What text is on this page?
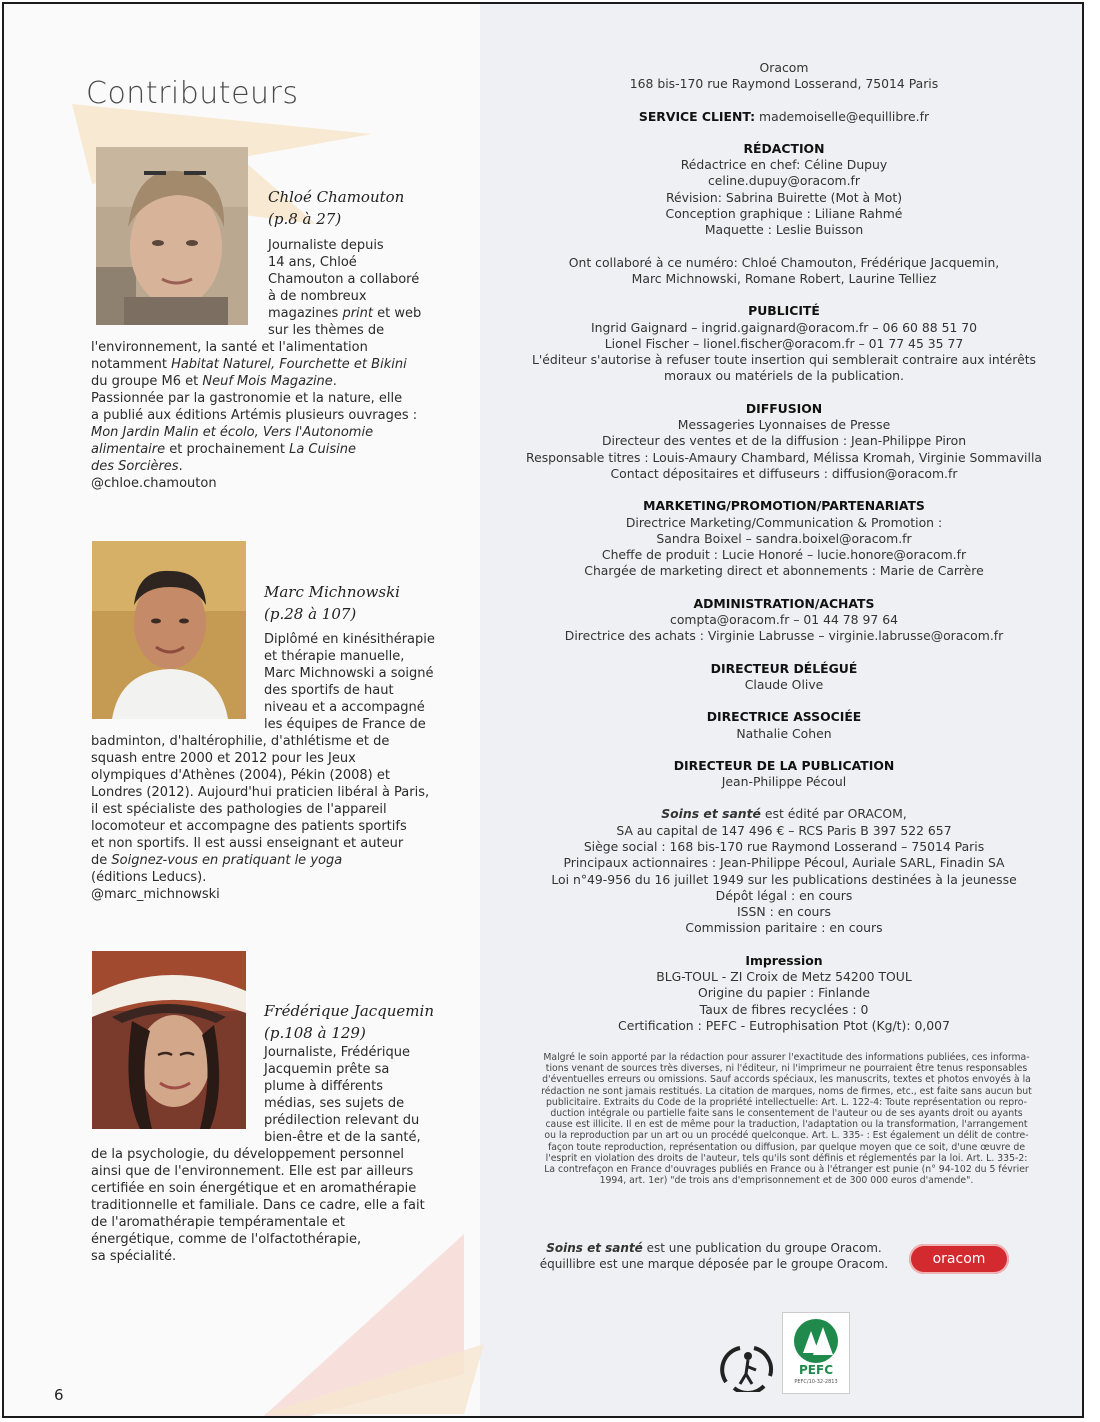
Contributeurs
Chloé Chamouton
(p.8 à 27)

Journaliste depuis

14 ans, Chloé

Chamouton a collaboré

à de nombreux

magazines print et web

sur les thèmes de

l'environnement, la santé et l'alimentation

notamment Habitat Naturel, Fourchette et Bikini

du groupe M6 et Neuf Mois Magazine.

Passionnée par la gastronomie et la nature, elle

a publié aux éditions Artémis plusieurs ouvrages :

Mon Jardin Malin et écolo, Vers l'Autonomie

alimentaire et prochainement La Cuisine

des Sorcières.

@chloe.chamouton

Marc Michnowski
(p.28 à 107)

Diplômé en kinésithérapie

et thérapie manuelle,

Marc Michnowski a soigné

des sportifs de haut

niveau et a accompagné

les équipes de France de

badminton, d'haltérophilie, d'athlétisme et de

squash entre 2000 et 2012 pour les Jeux

olympiques d'Athènes (2004), Pékin (2008) et

Londres (2012). Aujourd'hui praticien libéral à Paris,

il est spécialiste des pathologies de l'appareil

locomoteur et accompagne des patients sportifs

et non sportifs. Il est aussi enseignant et auteur

de Soignez-vous en pratiquant le yoga

(éditions Leducs).

@marc_michnowski

Frédérique Jacquemin
(p.108 à 129)

Journaliste, Frédérique

Jacquemin prête sa

plume à différents

médias, ses sujets de

prédilection relevant du

bien-être et de la santé,

de la psychologie, du développement personnel

ainsi que de l'environnement. Elle est par ailleurs

certifiée en soin énergétique et en aromathérapie

traditionnelle et familiale. Dans ce cadre, elle a fait

de l'aromathérapie tempéramentale et

énergétique, comme de l'olfactothérapie,

sa spécialité.

6
Oracom
168 bis-170 rue Raymond Losserand, 75014 Paris
SERVICE CLIENT: mademoiselle@equillibre.fr
RÉDACTION
Rédactrice en chef: Céline Dupuy
celine.dupuy@oracom.fr
Révision: Sabrina Buirette (Mot à Mot)
Conception graphique : Liliane Rahmé
Maquette : Leslie Buisson
Ont collaboré à ce numéro: Chloé Chamouton, Frédérique Jacquemin,
Marc Michnowski, Romane Robert, Laurine Telliez
PUBLICITÉ
Ingrid Gaignard – ingrid.gaignard@oracom.fr – 06 60 88 51 70
Lionel Fischer – lionel.fischer@oracom.fr – 01 77 45 35 77
L'éditeur s'autorise à refuser toute insertion qui semblerait contraire aux intérêts
moraux ou matériels de la publication.
DIFFUSION
Messageries Lyonnaises de Presse
Directeur des ventes et de la diffusion : Jean-Philippe Piron
Responsable titres : Louis-Amaury Chambard, Mélissa Kromah, Virginie Sommavilla
Contact dépositaires et diffuseurs : diffusion@oracom.fr
MARKETING/PROMOTION/PARTENARIATS
Directrice Marketing/Communication & Promotion :
Sandra Boixel – sandra.boixel@oracom.fr
Cheffe de produit : Lucie Honoré – lucie.honore@oracom.fr
Chargée de marketing direct et abonnements : Marie de Carrère
ADMINISTRATION/ACHATS
compta@oracom.fr – 01 44 78 97 64
Directrice des achats : Virginie Labrusse – virginie.labrusse@oracom.fr
DIRECTEUR DÉLÉGUÉ
Claude Olive
DIRECTRICE ASSOCIÉE
Nathalie Cohen
DIRECTEUR DE LA PUBLICATION
Jean-Philippe Pécoul
Soins et santé est édité par ORACOM,
SA au capital de 147 496 € – RCS Paris B 397 522 657
Siège social : 168 bis-170 rue Raymond Losserand – 75014 Paris
Principaux actionnaires : Jean-Philippe Pécoul, Auriale SARL, Finadin SA
Loi n°49-956 du 16 juillet 1949 sur les publications destinées à la jeunesse
Dépôt légal : en cours
ISSN : en cours
Commission paritaire : en cours
Impression
BLG-TOUL - ZI Croix de Metz 54200 TOUL
Origine du papier : Finlande
Taux de fibres recyclées : 0
Certification : PEFC - Eutrophisation Ptot (Kg/t): 0,007
Malgré le soin apporté par la rédaction pour assurer l'exactitude des informations publiées, ces informa-
tions venant de sources très diverses, ni l'éditeur, ni l'imprimeur ne pourraient être tenus responsables
d'éventuelles erreurs ou omissions. Sauf accords spéciaux, les manuscrits, textes et photos envoyés à la
rédaction ne sont jamais restitués. La citation de marques, noms de firmes, etc., est faite sans aucun but
publicitaire. Extraits du Code de la propriété intellectuelle: Art. L. 122-4: Toute représentation ou repro-
duction intégrale ou partielle faite sans le consentement de l'auteur ou de ses ayants droit ou ayants
cause est illicite. Il en est de même pour la traduction, l'adaptation ou la transformation, l'arrangement
ou la reproduction par un art ou un procédé quelconque. Art. L. 335- : Est également un délit de contre-
façon toute reproduction, représentation ou diffusion, par quelque moyen que ce soit, d'une œuvre de
l'esprit en violation des droits de l'auteur, tels qu'ils sont définis et réglementés par la loi. Art. L. 335-2:
La contrefaçon en France d'ouvrages publiés en France ou à l'étranger est punie (n° 94-102 du 5 février
1994, art. 1er) "de trois ans d'emprisonnement et de 300 000 euros d'amende".
Soins et santé est une publication du groupe Oracom.
équillibre est une marque déposée par le groupe Oracom.	oracom
PEFC
PEFC/10-32-2813
